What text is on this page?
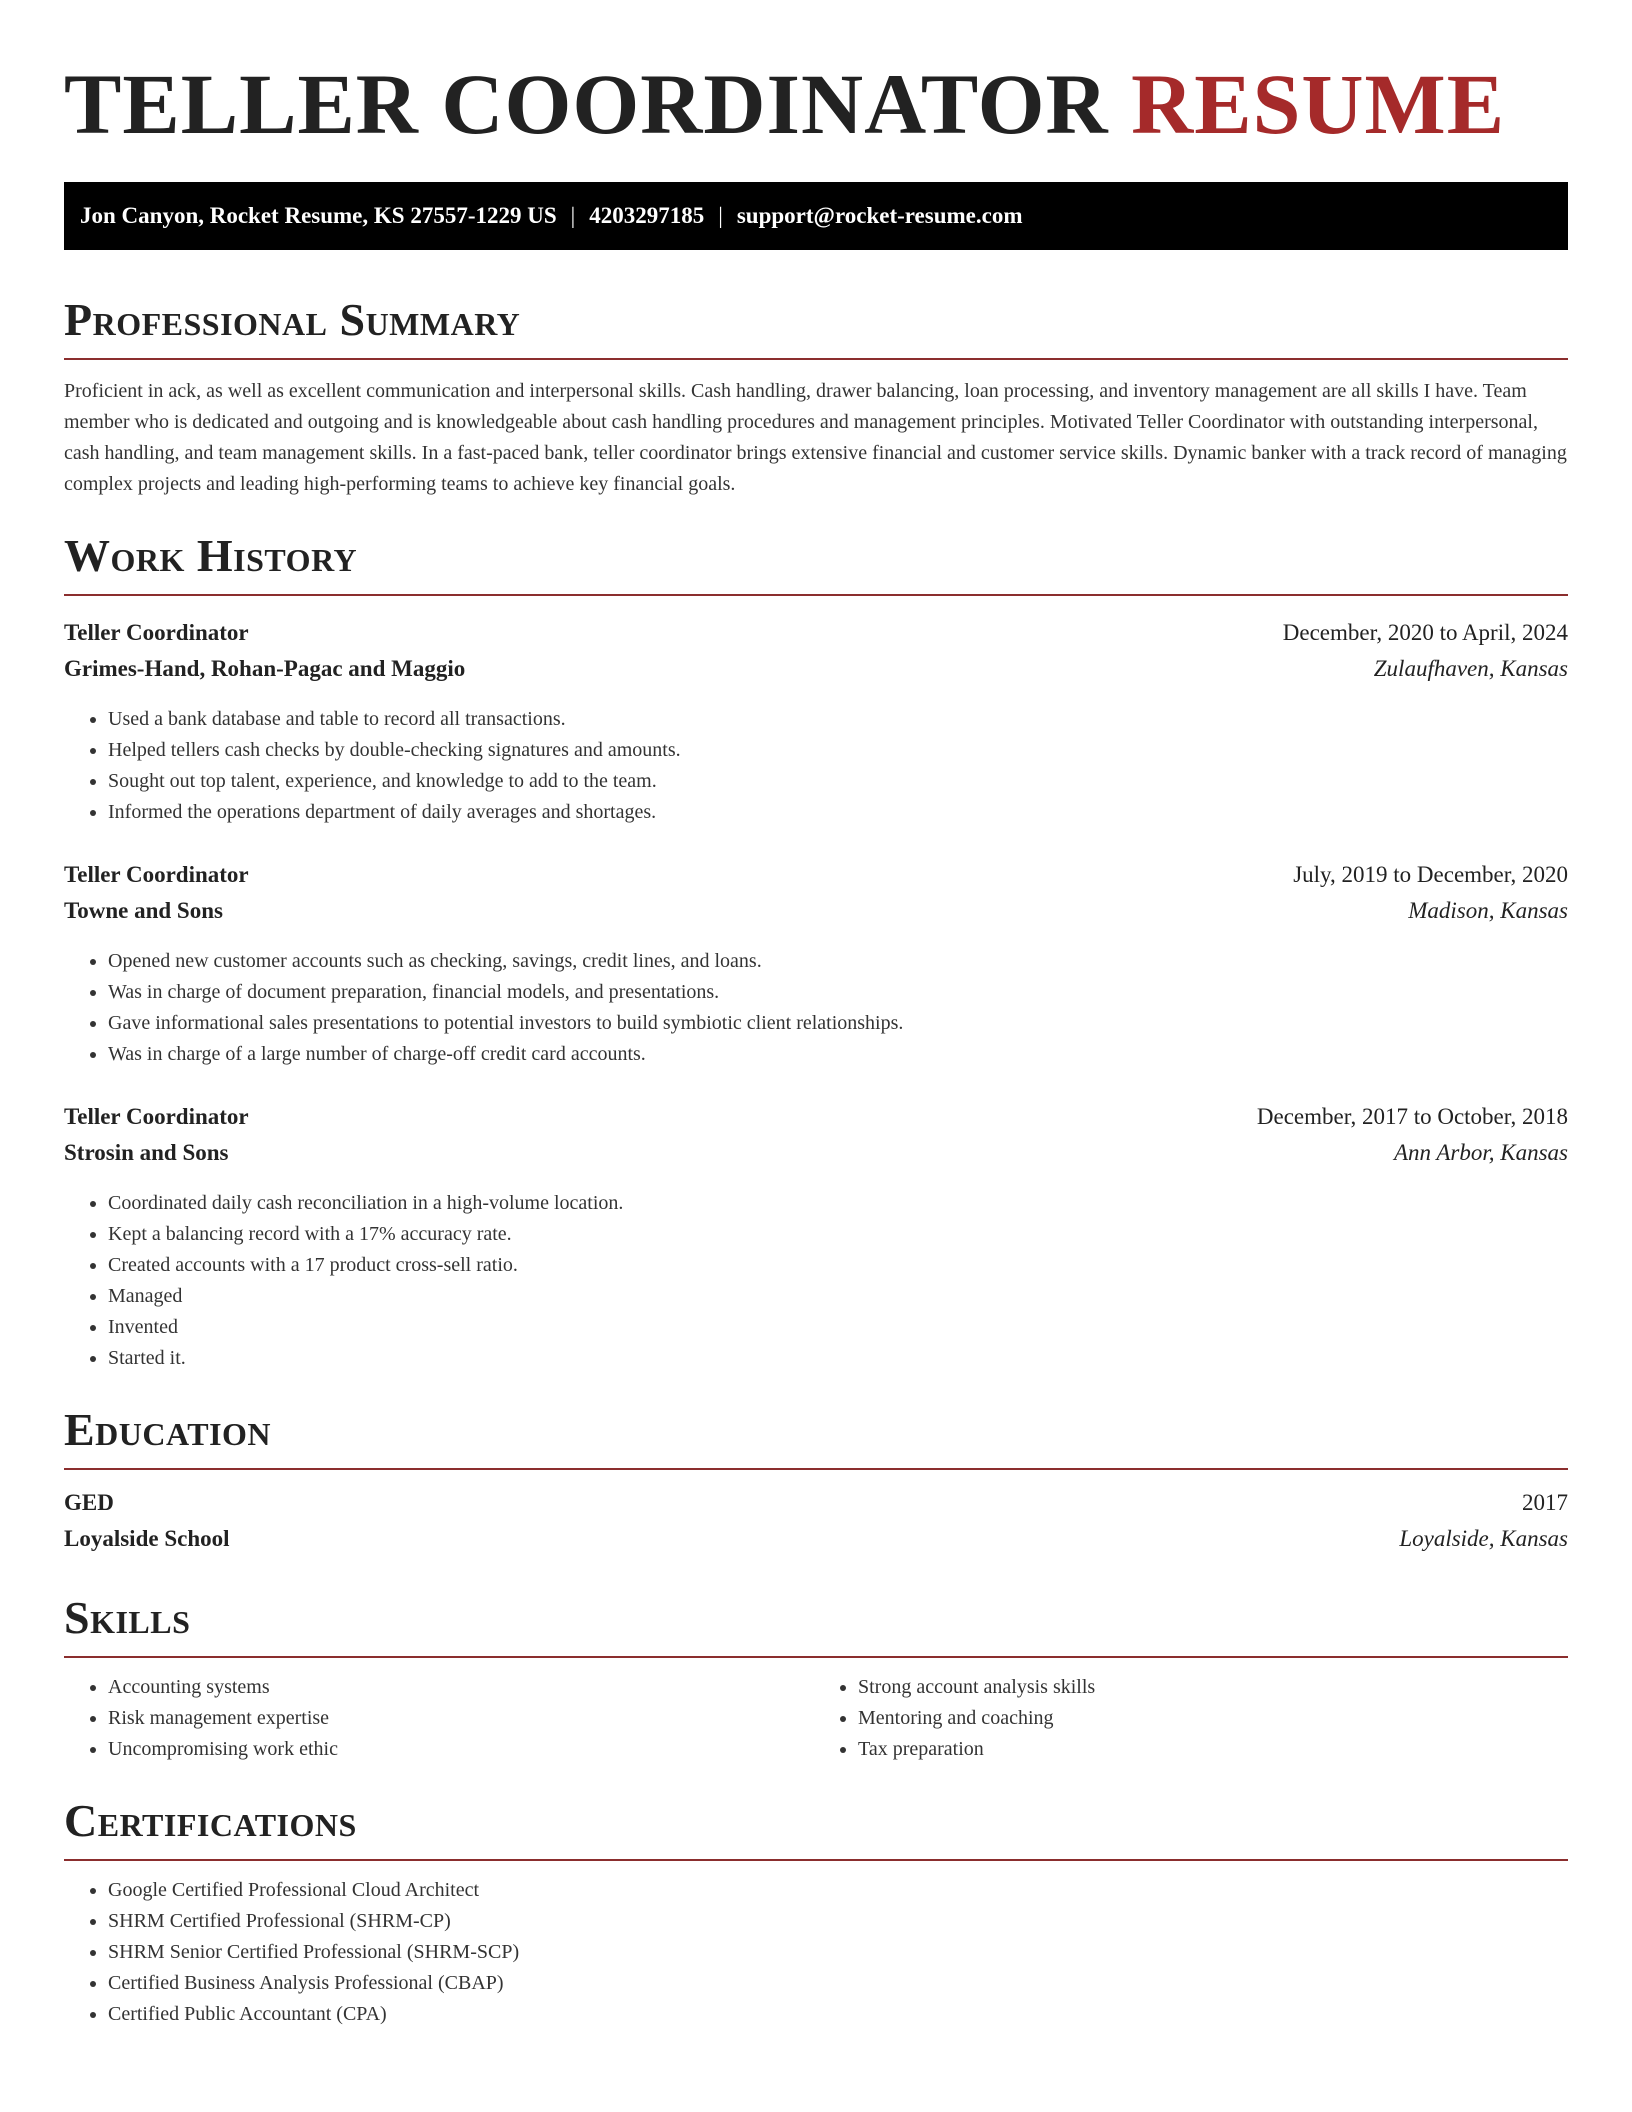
TELLER COORDINATOR RESUME
Jon Canyon, Rocket Resume, KS 27557-1229 US | 4203297185 | support@rocket-resume.com
Professional Summary

Proficient in ack, as well as excellent communication and interpersonal skills. Cash handling, drawer balancing, loan processing, and inventory management are all skills I have. Team member who is dedicated and outgoing and is knowledgeable about cash handling procedures and management principles. Motivated Teller Coordinator with outstanding interpersonal, cash handling, and team management skills. In a fast-paced bank, teller coordinator brings extensive financial and customer service skills. Dynamic banker with a track record of managing complex projects and leading high-performing teams to achieve key financial goals.

Work History
Teller Coordinator	December, 2020 to April, 2024
Grimes-Hand, Rohan-Pagac and Maggio	Zulaufhaven, Kansas
• Used a bank database and table to record all transactions.
• Helped tellers cash checks by double-checking signatures and amounts.
• Sought out top talent, experience, and knowledge to add to the team.
• Informed the operations department of daily averages and shortages.
Teller Coordinator	July, 2019 to December, 2020
Towne and Sons	Madison, Kansas
• Opened new customer accounts such as checking, savings, credit lines, and loans.
• Was in charge of document preparation, financial models, and presentations.
• Gave informational sales presentations to potential investors to build symbiotic client relationships.
• Was in charge of a large number of charge-off credit card accounts.
Teller Coordinator	December, 2017 to October, 2018
Strosin and Sons	Ann Arbor, Kansas
• Coordinated daily cash reconciliation in a high-volume location.
• Kept a balancing record with a 17% accuracy rate.
• Created accounts with a 17 product cross-sell ratio.
• Managed
• Invented
• Started it.
Education
GED	2017
Loyalside School	Loyalside, Kansas
Skills
• Accounting systems
• Risk management expertise
• Uncompromising work ethic
• Strong account analysis skills
• Mentoring and coaching
• Tax preparation
Certifications
• Google Certified Professional Cloud Architect
• SHRM Certified Professional (SHRM-CP)
• SHRM Senior Certified Professional (SHRM-SCP)
• Certified Business Analysis Professional (CBAP)
• Certified Public Accountant (CPA)
